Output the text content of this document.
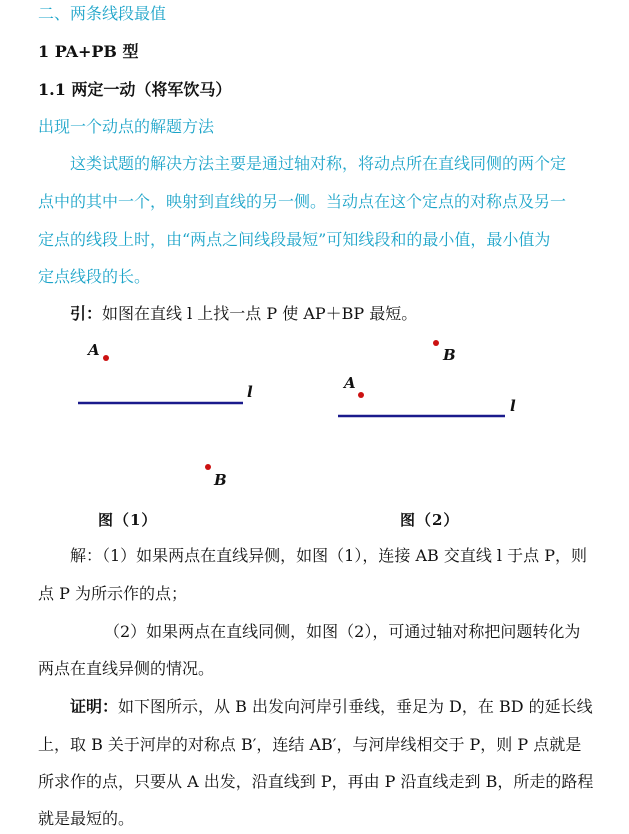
二、两条线段最值
1 PA+PB 型
1.1 两定一动（将军饮马）
出现一个动点的解题方法
这类试题的解决方法主要是通过轴对称，将动点所在直线同侧的两个定
点中的其中一个，映射到直线的另一侧。当动点在这个定点的对称点及另一
定点的线段上时，由“两点之间线段最短”可知线段和的最小值，最小值为
定点线段的长。
引：如图在直线 l 上找一点 P 使 AP＋BP 最短。
A
l
B
B
A
l
图（1）	图（2）
解：（1）如果两点在直线异侧，如图（1），连接 AB 交直线 l 于点 P，则
点 P 为所示作的点；
（2）如果两点在直线同侧，如图（2），可通过轴对称把问题转化为
两点在直线异侧的情况。
证明：如下图所示，从 B 出发向河岸引垂线，垂足为 D，在 BD 的延长线
上，取 B 关于河岸的对称点 B′，连结 AB′，与河岸线相交于 P，则 P 点就是
所求作的点，只要从 A 出发，沿直线到 P，再由 P 沿直线走到 B，所走的路程
就是最短的。
